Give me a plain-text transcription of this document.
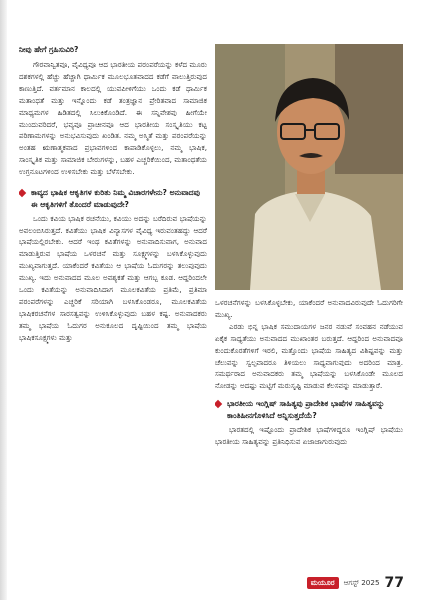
ನೀವು ಹೇಗೆ ಗ್ರಹಿಸುವಿರಿ?

ಗೌರವಾನ್ವಿತವೂ, ವೈವಿಧ್ಯವೂ ಆದ ಭಾರತೀಯ ಪರಂಪರೆಯನ್ನು ಕಳೆದ ಮೂರು ದಶಕಗಳಲ್ಲಿ ಹೆಚ್ಚು ಹೆಚ್ಚಾಗಿ ಧಾರ್ಮಿಕ ಮೂಲಭೂತವಾದದ ಕಡೆಗೆ ವಾಲುತ್ತಿರುವುದ ಕಾಣುತ್ತಿದೆ. ವರ್ತಮಾನ ಕಾಲದಲ್ಲಿ ಯುವಪೀಳಿಗೆಯು ಒಂದು ಕಡೆ ಧಾರ್ಮಿಕ ಮತಾಂಧತೆ ಮತ್ತು ಇನ್ನೊಂದು ಕಡೆ ತಂತ್ರಜ್ಞಾನ ಪ್ರೇರಿತವಾದ ಸಾಮಾಜಿಕ ಮಾಧ್ಯಮಗಳ ಹಿಡಿತದಲ್ಲಿ ಸಿಲುಕಿಕೊಂಡಿದೆ. ಈ ಸನ್ನಿವೇಶವು ಹೀಗೆಯೇ ಮುಂದುವರಿದರೆ, ಭವ್ಯವೂ ಪ್ರಾಚೀನವೂ ಆದ ಭಾರತೀಯ ಸಂಸ್ಕೃತಿಯು ಕಟ್ಟ ಪರಿಣಾಮಗಳನ್ನು ಅನುಭವಿಸುವುದು ಖಂಡಿತ. ನಮ್ಮ ಅಸ್ಮಿತೆ ಮತ್ತು ಪರಂಪರೆಯನ್ನು ಅಂತಹ ಋಣಾತ್ಮಕವಾದ ಪ್ರಭಾವಗಳಿಂದ ಕಾಪಾಡಿಕೊಳ್ಳಲು, ನಮ್ಮ ಭಾಷಿಕ, ಸಾಂಸ್ಕೃತಿಕ ಮತ್ತು ಸಾಮಾಜಿಕ ಬೇರುಗಳನ್ನು, ಬಹಳ ಎಚ್ಚರಿಕೆಯಿಂದ, ಮತಾಂಧತೆಯ ಉಗ್ರನೂಟಗಳಿಂದ ಉಳಿಸಬೇಕು ಮತ್ತು ಬೆಳೆಸಬೇಕು.

ಕಾವ್ಯದ ಭಾಷಿಕ ಆಕೃತಿಗಳ ಕುರಿತು ನಿಮ್ಮ ವಿಚಾರಗಳೇನು? ಅನುವಾದವು ಈ ಆಕೃತಿಗಳಿಗೆ ತೊಂದರೆ ಮಾಡುವುದೇ?

ಒಂದು ಕವಿಯ ಭಾಷಿಕ ರಚನೆಯು, ಕವಿಯು ಅದನ್ನು ಬರೆದಿರುವ ಭಾಷೆಯನ್ನು ಅವಲಂಬಿಸಿರುತ್ತದೆ. ಕವಿತೆಯು ಭಾಷಿಕ ವಿನ್ಯಾಸಗಳ ವೈವಿಧ್ಯ ಇರುವಂತಹದ್ದು ಆದರೆ ಭಾಷೆಯಲ್ಲಿರಬೇಕು. ಆದರೆ ಇಂಥ ಕವಿತೆಗಳನ್ನು ಅನುವಾದಿಸುವಾಗ, ಅನುವಾದ ಮಾಡುತ್ತಿರುವ ಭಾಷೆಯ ಒಳರಚನೆ ಮತ್ತು ಸೂಕ್ಷ್ಮಗಳನ್ನು ಬಳಸಿಕೊಳ್ಳುವುದು ಮುಖ್ಯವಾಗುತ್ತದೆ. ಯಾಕೆಂದರೆ ಕವಿತೆಯು ಆ ಭಾಷೆಯ ಓದುಗರನ್ನು ತಲುಪುವುದು ಮುಖ್ಯ. ಇದು ಅನುವಾದದ ಮೂಲ ಅವಶ್ಯಕತೆ ಮತ್ತು ಆಗಬ್ಬ ಕೂಡ. ಆದ್ದರಿಂದಲೇ ಒಂದು ಕವಿತೆಯನ್ನು ಅನುವಾದಿಸಿದಾಗ ಮೂಲಕವಿತೆಯ ಪ್ರತಿಮೆ, ಪ್ರತಿಮಾ ಪರಂಪರೆಗಳನ್ನು ಎಚ್ಚರಿಕೆ ಸರಿಯಾಗಿ ಬಳಸಿಕೊಂಡರೂ, ಮೂಲಕವಿತೆಯ ಭಾಷಿಕರಚನೆಗಳ ಸಾರಸತ್ವವನ್ನು ಉಳಿಸಿಕೊಳ್ಳುವುದು ಬಹಳ ಕಷ್ಟ. ಅನುವಾದಕರು ತಮ್ಮ ಭಾಷೆಯ ಓದುಗರ ಅನುಕೂಲದ ದೃಷ್ಟಿಯಿಂದ ತಮ್ಮ ಭಾಷೆಯ ಭಾಷಿಕಸೂಕ್ಷ್ಮಗಳು ಮತ್ತು

ಒಳರಚನೆಗಳನ್ನು ಬಳಸಿಕೊಳ್ಳಬೇಕು, ಯಾಕೆಂದರೆ ಅನುವಾದವಿರುವುದೇ ಓದುಗರಿಗೇ ಮುಖ್ಯ.

ಎರಡು ಭಿನ್ನ ಭಾಷಿಕ ಸಮುದಾಯಗಳ ಜನರ ನಡುವೆ ಸಂವಹನ ನಡೆಯುವ ಏಕೈಕ ಸಾಧ್ಯತೆಯು ಅನುವಾದದ ಮುಖಾಂತರ ಬರುತ್ತದೆ. ಆದ್ದರಿಂದ ಅನುವಾದವೂ ಕುಂದುಕೊರತೆಗಳಿಗೆ ಇರಲಿ, ಮತ್ತೊಂದು ಭಾಷೆಯ ಸಾಹಿತ್ಯದ ವಿಶಿಷ್ಟವನ್ನು ಮತ್ತು ಚೆಲುವನ್ನು ಸ್ವಲ್ಪವಾದರೂ ತಿಳಿಯಲು ಸಾಧ್ಯವಾಗುವುದು ಅದರಿಂದ ಮಾತ್ರ. ಸಮರ್ಥರಾದ ಅನುವಾದಕರು ತಮ್ಮ ಭಾಷೆಯನ್ನು ಬಳಸಿಕೊಂಡೇ ಮೂಲದ ನೋಡನ್ನು ಅದಷ್ಟು ಮಟ್ಟಿಗೆ ಮರುಸೃಷ್ಟಿ ಮಾಡುವ ಕೆಲಸವನ್ನು ಮಾಡುತ್ತಾರೆ.

ಭಾರತೀಯ ಇಂಗ್ಲಿಷ್ ಸಾಹಿತ್ಯವು ಪ್ರಾದೇಶಿಕ ಭಾಷೆಗಳ ಸಾಹಿತ್ಯವನ್ನು ಕಾಂತಿಹೀನಗೊಳಿಸಿದೆ ಅನ್ನಿಸುತ್ತದೆಯೆ?

ಭಾರತದಲ್ಲಿ ಇಷ್ಟೊಂದು ಪ್ರಾದೇಶಿಕ ಭಾಷೆಗಳಿದ್ದರೂ ಇಂಗ್ಲಿಷ್ ಭಾಷೆಯು ಭಾರತೀಯ ಸಾಹಿತ್ಯವನ್ನು ಪ್ರತಿನಿಧಿಸುವ ಏಜಾಜಾಗುರುವುದು

ಮಯೂರ	ಆಗಸ್ಟ್ 2025 77
